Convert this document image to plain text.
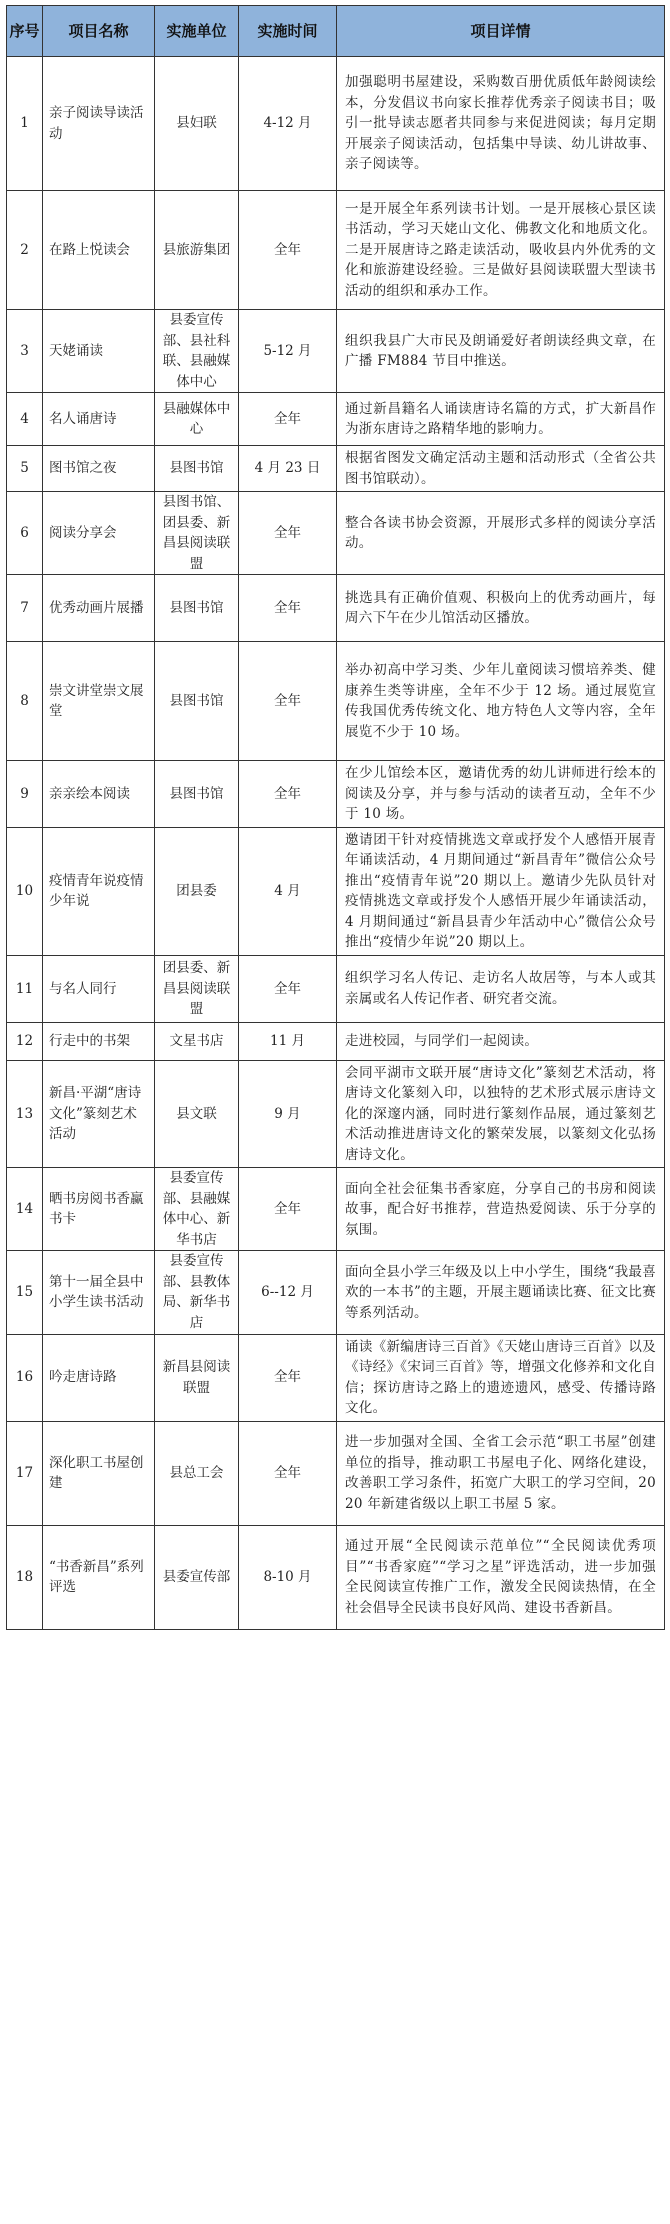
序号	项目名称	实施单位	实施时间	项目详情
1	亲子阅读导读活动	县妇联	4-12 月	加强聪明书屋建设，采购数百册优质低年龄阅读绘本，分发倡议书向家长推荐优秀亲子阅读书目；吸引一批导读志愿者共同参与来促进阅读；每月定期开展亲子阅读活动，包括集中导读、幼儿讲故事、亲子阅读等。
2	在路上悦读会	县旅游集团	全年	一是开展全年系列读书计划。一是开展核心景区读书活动，学习天姥山文化、佛教文化和地质文化。二是开展唐诗之路走读活动，吸收县内外优秀的文化和旅游建设经验。三是做好县阅读联盟大型读书活动的组织和承办工作。
3	天姥诵读	县委宣传部、县社科联、县融媒体中心	5-12 月	组织我县广大市民及朗诵爱好者朗读经典文章，在广播 FM884 节目中推送。
4	名人诵唐诗	县融媒体中心	全年	通过新昌籍名人诵读唐诗名篇的方式，扩大新昌作为浙东唐诗之路精华地的影响力。
5	图书馆之夜	县图书馆	4 月 23 日	根据省图发文确定活动主题和活动形式（全省公共图书馆联动）。
6	阅读分享会	县图书馆、团县委、新昌县阅读联盟	全年	整合各读书协会资源，开展形式多样的阅读分享活动。
7	优秀动画片展播	县图书馆	全年	挑选具有正确价值观、积极向上的优秀动画片，每周六下午在少儿馆活动区播放。
8	崇文讲堂崇文展堂	县图书馆	全年	举办初高中学习类、少年儿童阅读习惯培养类、健康养生类等讲座，全年不少于 12 场。通过展览宣传我国优秀传统文化、地方特色人文等内容，全年展览不少于 10 场。
9	亲亲绘本阅读	县图书馆	全年	在少儿馆绘本区，邀请优秀的幼儿讲师进行绘本的阅读及分享，并与参与活动的读者互动，全年不少于 10 场。
10	疫情青年说疫情少年说	团县委	4 月	邀请团干针对疫情挑选文章或抒发个人感悟开展青年诵读活动，4 月期间通过“新昌青年”微信公众号推出“疫情青年说”20 期以上。邀请少先队员针对疫情挑选文章或抒发个人感悟开展少年诵读活动，4 月期间通过“新昌县青少年活动中心”微信公众号推出“疫情少年说”20 期以上。
11	与名人同行	团县委、新昌县阅读联盟	全年	组织学习名人传记、走访名人故居等，与本人或其亲属或名人传记作者、研究者交流。
12	行走中的书架	文星书店	11 月	走进校园，与同学们一起阅读。
13	新昌·平湖“唐诗文化”篆刻艺术活动	县文联	9 月	会同平湖市文联开展“唐诗文化”篆刻艺术活动，将唐诗文化篆刻入印，以独特的艺术形式展示唐诗文化的深邃内涵，同时进行篆刻作品展，通过篆刻艺术活动推进唐诗文化的繁荣发展，以篆刻文化弘扬唐诗文化。
14	晒书房阅书香赢书卡	县委宣传部、县融媒体中心、新华书店	全年	面向全社会征集书香家庭，分享自己的书房和阅读故事，配合好书推荐，营造热爱阅读、乐于分享的氛围。
15	第十一届全县中小学生读书活动	县委宣传部、县教体局、新华书店	6--12 月	面向全县小学三年级及以上中小学生，围绕“我最喜欢的一本书”的主题，开展主题诵读比赛、征文比赛等系列活动。
16	吟走唐诗路	新昌县阅读联盟	全年	诵读《新编唐诗三百首》《天姥山唐诗三百首》以及《诗经》《宋词三百首》等，增强文化修养和文化自信；探访唐诗之路上的遗迹遗风，感受、传播诗路文化。
17	深化职工书屋创建	县总工会	全年	进一步加强对全国、全省工会示范“职工书屋”创建单位的指导，推动职工书屋电子化、网络化建设，改善职工学习条件，拓宽广大职工的学习空间，2020 年新建省级以上职工书屋 5 家。
18	“书香新昌”系列评选	县委宣传部	8-10 月	通过开展“全民阅读示范单位”“全民阅读优秀项目”“书香家庭”“学习之星”评选活动，进一步加强全民阅读宣传推广工作，激发全民阅读热情，在全社会倡导全民读书良好风尚、建设书香新昌。
